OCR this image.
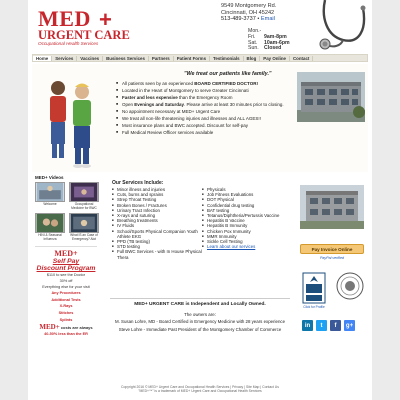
MED +
URGENT CARE
Occupational Health Services
9549 Montgomery Rd.
Cincinnati, OH 45242
513-489-3737 • Email
Mon.-Fri. 9am-8pm
Sat. 10am-6pm
Sun. Closed
Home	Services	Vaccines	Business Services	Partners	Patient Forms	Testimonials	Blog	Pay Online	Contact
"We treat our patients like family."
■ All patients seen by an experienced BOARD CERTIFIED DOCTOR!
■ Located in the Heart of Montgomery to serve Greater Cincinnati
■ Faster and less expensive than the Emergency Room
■ Open Evenings and Saturday. Please arrive at least 30 minutes prior to closing.
■ No appointment necessary at MED+ Urgent Care
■ We treat all non-life threatening injuries and illnesses and ALL AGES!!
■ Most insurance plans and BWC accepted. Discount for self-pay
■ Full Medical Review Officer services available
MED+ Videos
Welcome	Occupational Medicine for BWC
HINI & Seasonal Influenza
What IS an Case of Emergency? Alot
MED+
Self Pay
Discount Program
$110 to see the Doctor
30% off
Everything else for your visit
Any Procedures
Additional Tests
X-Rays
Stitches
Splints
MED+ costs are always
40-50% less than the ER
Our Services Include:
■ Minor illness and injuries
■ Cuts, burns and sprains
■ Strep Throat Testing
■ Broken Bones / Fractures
■ Urinary Tract Infection
■ X-rays and suturing
■ Breathing treatments
■ IV Fluids
■ School/Sports Physical Companion Youth Athlete EKG
■ PPD (TB testing)
■ STD testing
■ Full BWC Services - with In House Physical Thera
■ Physicals
■ Job Fitness Evaluations
■ DOT Physical
■ Confidential drug testing
■ BAT testing
■ Tetanus/Diphtheria/Pertussis Vaccine
■ Hepatitis B Vaccine
■ Hepatitis B Immunity
■ Chicken Pox Immunity
■ MMR Immunity
■ Sickle Cell Testing
■ Learn about our services
MED+ URGENT CARE is Independent and Locally Owned.
The owners are:
M. Susan Lohre, MD - Board Certified in Emergency Medicine with 28 years experience
Steve Lohre - Immediate Past President of the Montgomery Chamber of Commerce
Pay Invoice Online
PayPal verified
Click for Profile
in	t	f	g+
Copyright 2016 © MED+ Urgent Care and Occupational Health Services | Privacy | Site Map | Contact Us
"MED+™" is a trademark of MED+ Urgent Care and Occupational Health Services
